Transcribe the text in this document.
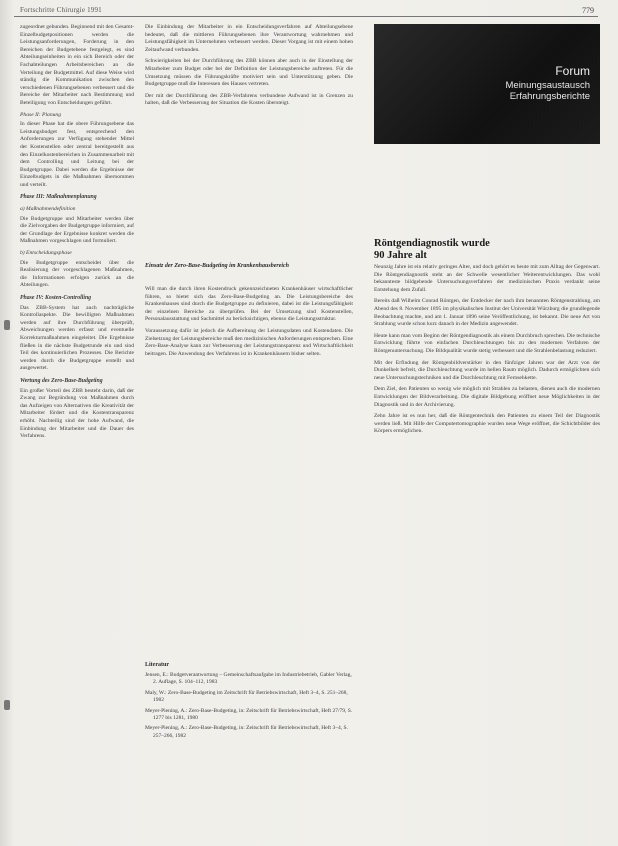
Fortschritte Chirurgie 1991	779

zugeordnet gebunden. Beginnend mit den Gesamt-Einzelbudgetpositionen werden die Leistungsanforderungen, Forderung in den Bereichen der Budgetebene festgelegt, es sind Abteilungseinheiten in ein sich Bereich oder der Fachabteilungen Arbeitsbereichen an die Verteilung der Budgetmittel. Auf diese Weise wird ständig die Kommunikation zwischen den verschiedenen Führungsebenen verbessert und die Bereiche der Mitarbeiter nach Bestimmung und Beteiligung von Entscheidungen geführt.

Phase II: Planung

In dieser Phase hat die obere Führungsebene das Leistungsbudget fest, entsprechend den Anforderungen zur Verfügung stehender Mittel der Kostenstellen oder zentral bereitgestellt aus den Einzelkostenbereichen in Zusammenarbeit mit dem Controlling und Leitung bei der Budgetgruppe. Dabei werden die Ergebnisse der Einzelbudgets in die Maßnahmen übernommen und verteilt.

Phase III: Maßnahmenplanung

a) Maßnahmendefinition

Die Budgetgruppe und Mitarbeiter werden über die Zielvorgaben der Budgetgruppe informiert, auf der Grundlage der Ergebnisse konkret werden die Maßnahmen vorgeschlagen und formuliert.

b) Entscheidungsphase

Die Budgetgruppe entscheidet über die Realisierung der vorgeschlagenen Maßnahmen, die Informationen erfolgen zurück an die Abteilungen.

Phase IV: Kosten-Controlling

Das ZBB-System hat auch nachträgliche Kontrollaspekte. Die bewilligten Maßnahmen werden auf ihre Durchführung überprüft, Abweichungen werden erfasst und eventuelle Korrekturmaßnahmen eingeleitet. Die Ergebnisse fließen in die nächste Budgetrunde ein und sind Teil des kontinuierlichen Prozesses. Die Berichte werden durch die Budgetgruppe erstellt und ausgewertet.

Wertung des Zero-Base-Budgeting

Ein großer Vorteil des ZBB besteht darin, daß der Zwang zur Begründung von Maßnahmen durch das Aufzeigen von Alternativen die Kreativität der Mitarbeiter fördert und die Kostentransparenz erhöht. Nachteilig sind der hohe Aufwand, die Einbindung der Mitarbeiter und die Dauer des Verfahrens.

Die Einbindung der Mitarbeiter in ein Entscheidungsverfahren auf Abteilungsebene bedeutet, daß die mittleren Führungsebenen ihre Verantwortung wahrnehmen und Leistungsfähigkeit im Unternehmen verbessert werden. Dieser Vorgang ist mit einem hohen Zeitaufwand verbunden.

Schwierigkeiten bei der Durchführung des ZBB können aber auch in der Einstellung der Mitarbeiter zum Budget oder bei der Definition der Leistungsbereiche auftreten. Für die Umsetzung müssen die Führungskräfte motiviert sein und Unterstützung geben. Die Budgetgruppe muß die Interessen des Hauses vertreten.

Der mit der Durchführung des ZBB-Verfahrens verbundene Aufwand ist in Grenzen zu halten, daß die Verbesserung der Situation die Kosten übersteigt.

Einsatz der Zero-Base-Budgeting im Krankenhausbereich

Will man die durch ihren Kostendruck gekennzeichneten Krankenhäuser wirtschaftlicher führen, so bietet sich das Zero-Base-Budgeting an. Die Leistungsbereiche des Krankenhauses sind durch die Budgetgruppe zu definieren, dabei ist die Leistungsfähigkeit der einzelnen Bereiche zu überprüfen. Bei der Umsetzung sind Kostenstellen, Personalausstattung und Sachmittel zu berücksichtigen, ebenso die Leistungsstruktur.

Voraussetzung dafür ist jedoch die Aufbereitung der Leistungsdaten und Kostendaten. Die Zielsetzung der Leistungsbereiche muß den medizinischen Anforderungen entsprechen. Eine Zero-Base-Analyse kann zur Verbesserung der Leistungstransparenz und Wirtschaftlichkeit beitragen. Die Anwendung des Verfahrens ist in Krankenhäusern bisher selten.

Literatur

Jensen, E.: Budgetverantwortung – Gemeinschaftsaufgabe im Industriebetrieb, Gabler Verlag, 2. Auflage, S. 104–112, 1983

Maly, W.: Zero-Base-Budgeting im Zeitschrift für Betriebswirtschaft, Heft 3–4, S. 251–268, 1982

Meyer-Piening, A.: Zero-Base-Budgeting, in: Zeitschrift für Betriebswirtschaft, Heft 27/79, S. 1277 bis 1281, 1980

Meyer-Piening, A.: Zero-Base-Budgeting, in: Zeitschrift für Betriebswirtschaft, Heft 3–4, S. 257–266, 1982

Forum
Meinungsaustausch
Erfahrungsberichte
Röntgendiagnostik wurde
90 Jahre alt

Neunzig Jahre ist ein relativ geringes Alter, und doch gehört es heute mit zum Alltag der Gegenwart. Die Röntgendiagnostik steht an der Schwelle wesentlicher Weiterentwicklungen. Das wohl bekannteste bildgebende Untersuchungsverfahren der medizinischen Praxis verdankt seine Entstehung dem Zufall.

Bereits daß Wilhelm Conrad Röntgen, der Entdecker der nach ihm benannten Röntgenstrahlung, am Abend des 8. November 1895 im physikalischen Institut der Universität Würzburg die grundlegende Beobachtung machte, und am 1. Januar 1896 seine Veröffentlichung, ist bekannt. Die neue Art von Strahlung wurde schon kurz danach in der Medizin angewendet.

Heute kann man vom Beginn der Röntgendiagnostik als einem Durchbruch sprechen. Die technische Entwicklung führte von einfachen Durchleuchtungen bis zu den modernen Verfahren der Röntgenuntersuchung. Die Bildqualität wurde stetig verbessert und die Strahlenbelastung reduziert.

Mit der Erfindung der Röntgenbildverstärker in den fünfziger Jahren war der Arzt von der Dunkelheit befreit, die Durchleuchtung wurde im hellen Raum möglich. Dadurch ermöglichten sich neue Untersuchungstechniken und die Durchleuchtung mit Fernsehkette.

Dem Ziel, den Patienten so wenig wie möglich mit Strahlen zu belasten, dienen auch die modernen Entwicklungen der Bildverarbeitung. Die digitale Bildgebung eröffnet neue Möglichkeiten in der Diagnostik und in der Archivierung.

Zehn Jahre ist es nun her, daß die Röntgentechnik den Patienten zu einem Teil der Diagnostik werden ließ. Mit Hilfe der Computertomographie wurden neue Wege eröffnet, die Schichtbilder des Körpers ermöglichen.
